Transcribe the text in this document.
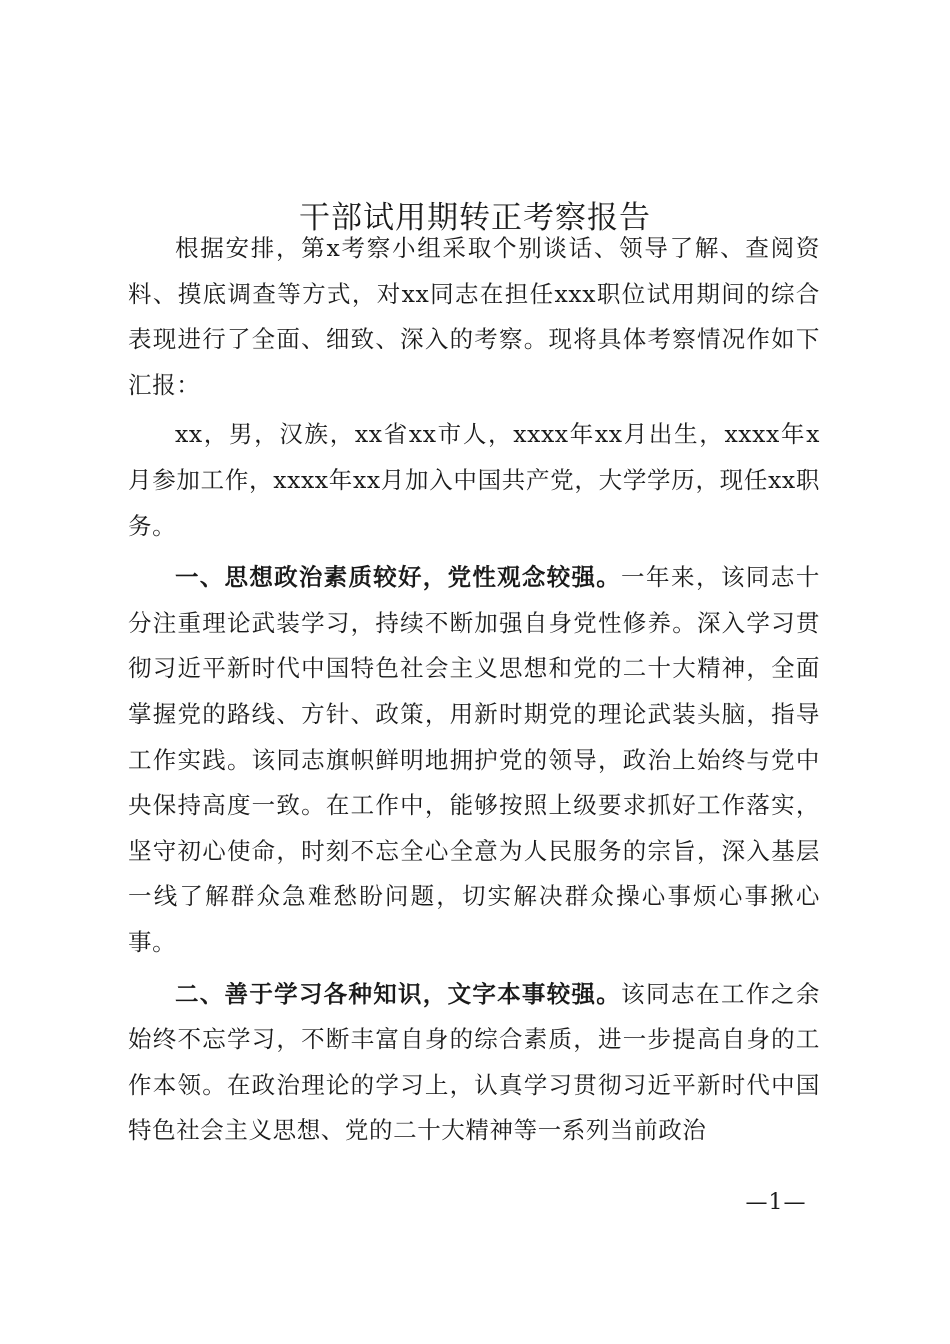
干部试用期转正考察报告

根据安排，第x考察小组采取个别谈话、领导了解、查阅资料、摸底调查等方式，对xx同志在担任xxx职位试用期间的综合表现进行了全面、细致、深入的考察。现将具体考察情况作如下汇报：

xx，男，汉族，xx省xx市人，xxxx年xx月出生，xxxx年x月参加工作，xxxx年xx月加入中国共产党，大学学历，现任xx职务。

一、思想政治素质较好，党性观念较强。一年来，该同志十分注重理论武装学习，持续不断加强自身党性修养。深入学习贯彻习近平新时代中国特色社会主义思想和党的二十大精神，全面掌握党的路线、方针、政策，用新时期党的理论武装头脑，指导工作实践。该同志旗帜鲜明地拥护党的领导，政治上始终与党中央保持高度一致。在工作中，能够按照上级要求抓好工作落实，坚守初心使命，时刻不忘全心全意为人民服务的宗旨，深入基层一线了解群众急难愁盼问题，切实解决群众操心事烦心事揪心事。

二、善于学习各种知识，文字本事较强。该同志在工作之余始终不忘学习，不断丰富自身的综合素质，进一步提高自身的工作本领。在政治理论的学习上，认真学习贯彻习近平新时代中国特色社会主义思想、党的二十大精神等一系列当前政治

—1—
